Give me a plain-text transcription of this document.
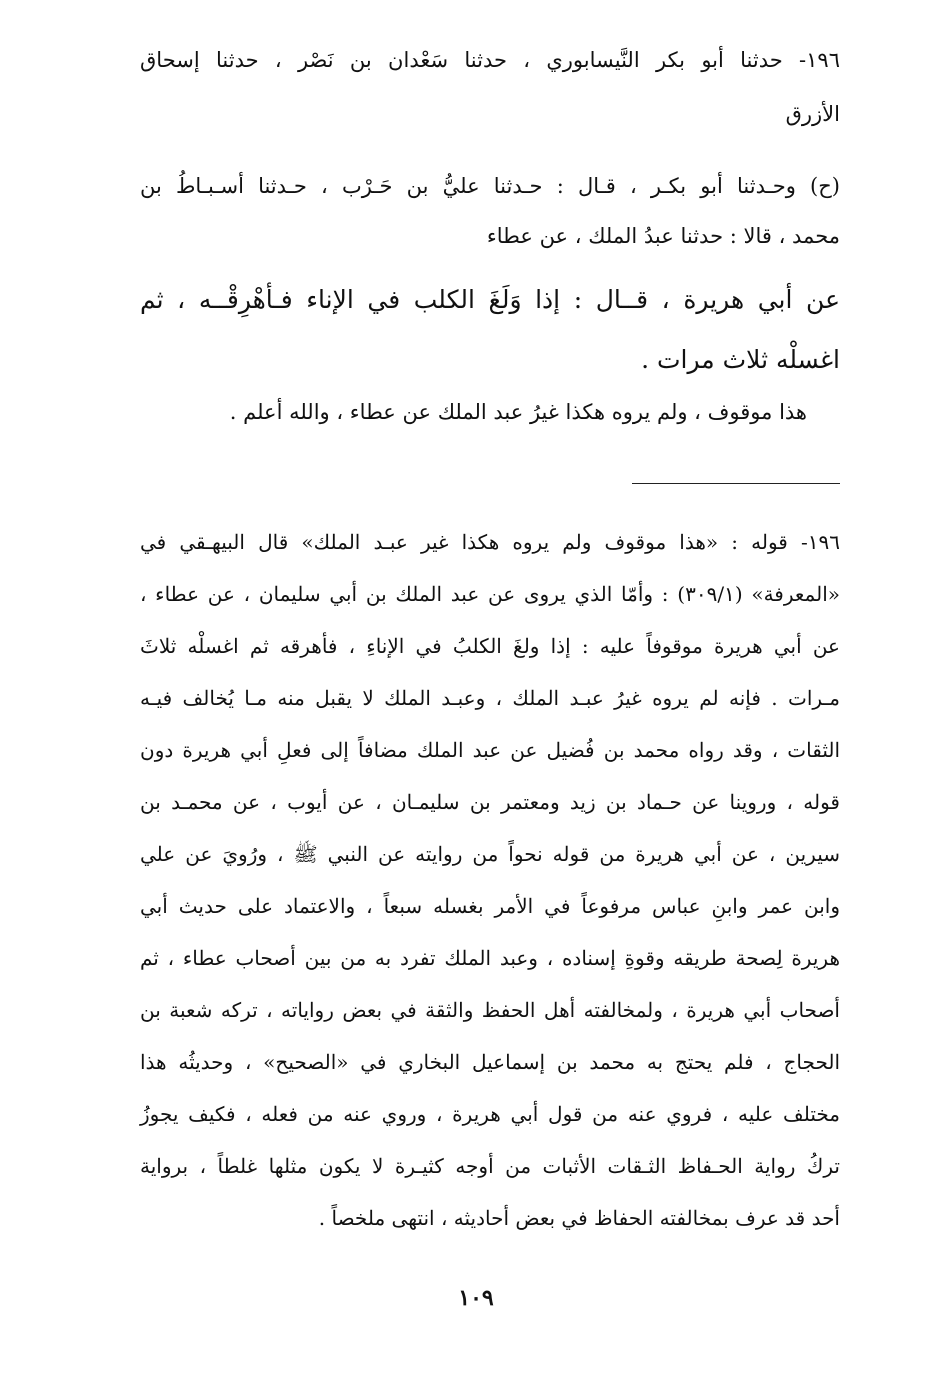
١٩٦- حدثنا أبو بكر النَّيسابوري ، حدثنا سَعْدان بن نَصْر ، حدثنا إسحاق
الأزرق
(ح) وحـدثنا أبو بكـر ، قـال : حـدثنا عليُّ بن حَـرْب ، حـدثنا أسـبـاطُ بن
محمد ، قالا : حدثنا عبدُ الملك ، عن عطاء
عن أبي هريرة ، قــال : إذا وَلَغَ الكلب في الإناء فـأهْرِقْــه ، ثم
اغسلْه ثلاث مرات .
هذا موقوف ، ولم يروه هكذا غيرُ عبد الملك عن عطاء ، والله أعلم .
١٩٦- قوله : «هذا موقوف ولم يروه هكذا غير عبـد الملك» قال البيهـقي في
«المعرفة» (٣٠٩/١) : وأمّا الذي يروى عن عبد الملك بن أبي سليمان ، عن عطاء ،
عن أبي هريرة موقوفاً عليه : إذا ولغَ الكلبُ في الإناءِ ، فأهرقه ثم اغسلْه ثلاثَ
مـرات . فإنه لم يروه غيرُ عبـد الملك ، وعبـد الملك لا يقبل منه مـا يُخالف فيـه
الثقات ، وقد رواه محمد بن فُضيل عن عبد الملك مضافاً إلى فعلِ أبي هريرة دون
قوله ، وروينا عن حـماد بن زيد ومعتمر بن سليمـان ، عن أيوب ، عن محمـد بن
سيرين ، عن أبي هريرة من قوله نحواً من روايته عن النبي ﷺ ، ورُويَ عن علي
وابن عمر وابنِ عباس مرفوعاً في الأمر بغسله سبعاً ، والاعتماد على حديث أبي
هريرة لِصحة طريقه وقوةِ إسناده ، وعبد الملك تفرد به من بين أصحاب عطاء ، ثم
أصحاب أبي هريرة ، ولمخالفته أهل الحفظ والثقة في بعض رواياته ، تركه شعبة بن
الحجاج ، فلم يحتج به محمد بن إسماعيل البخاري في «الصحيح» ، وحديثُه هذا
مختلف عليه ، فروي عنه من قول أبي هريرة ، وروي عنه من فعله ، فكيف يجوزُ
تركُ رواية الحـفاظ الثـقات الأثبات من أوجه كثيـرة لا يكون مثلها غلطاً ، برواية
أحد قد عرف بمخالفته الحفاظ في بعض أحاديثه ، انتهى ملخصاً .
١٠٩
